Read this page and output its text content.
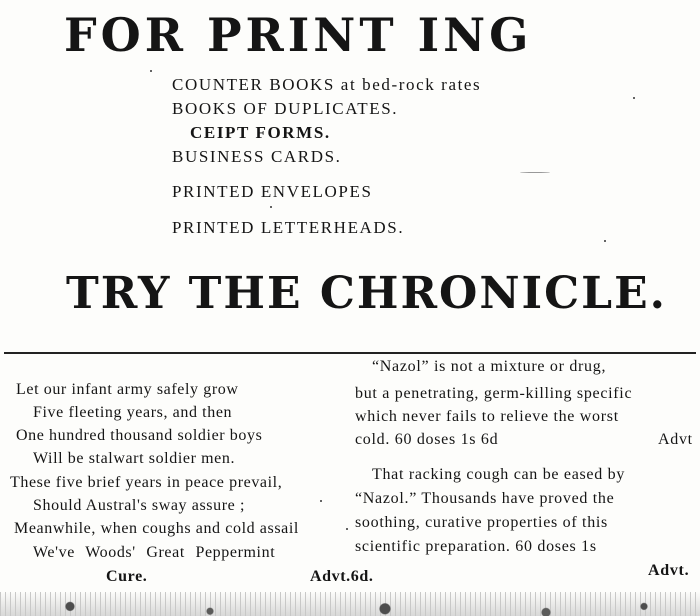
FOR PRINT ING
COUNTER BOOKS at bed-rock rates
BOOKS OF DUPLICATES.
CEIPT FORMS.
BUSINESS CARDS.
PRINTED ENVELOPES
PRINTED LETTERHEADS.
TRY THE CHRONICLE.
Let our infant army safely grow
Five fleeting years, and then
One hundred thousand soldier boys
Will be stalwart soldier men.
These five brief years in peace prevail,
Should Austral's sway assure ;
Meanwhile, when coughs and cold assail
We've Woods' Great Peppermint
Cure.	Advt.6d.
“Nazol” is not a mixture or drug,
but a penetrating, germ-killing specific
which never fails to relieve the worst
cold. 60 doses 1s 6d	Advt
That racking cough can be eased by
“Nazol.” Thousands have proved the
soothing, curative properties of this
scientific preparation. 60 doses 1s
Advt.
